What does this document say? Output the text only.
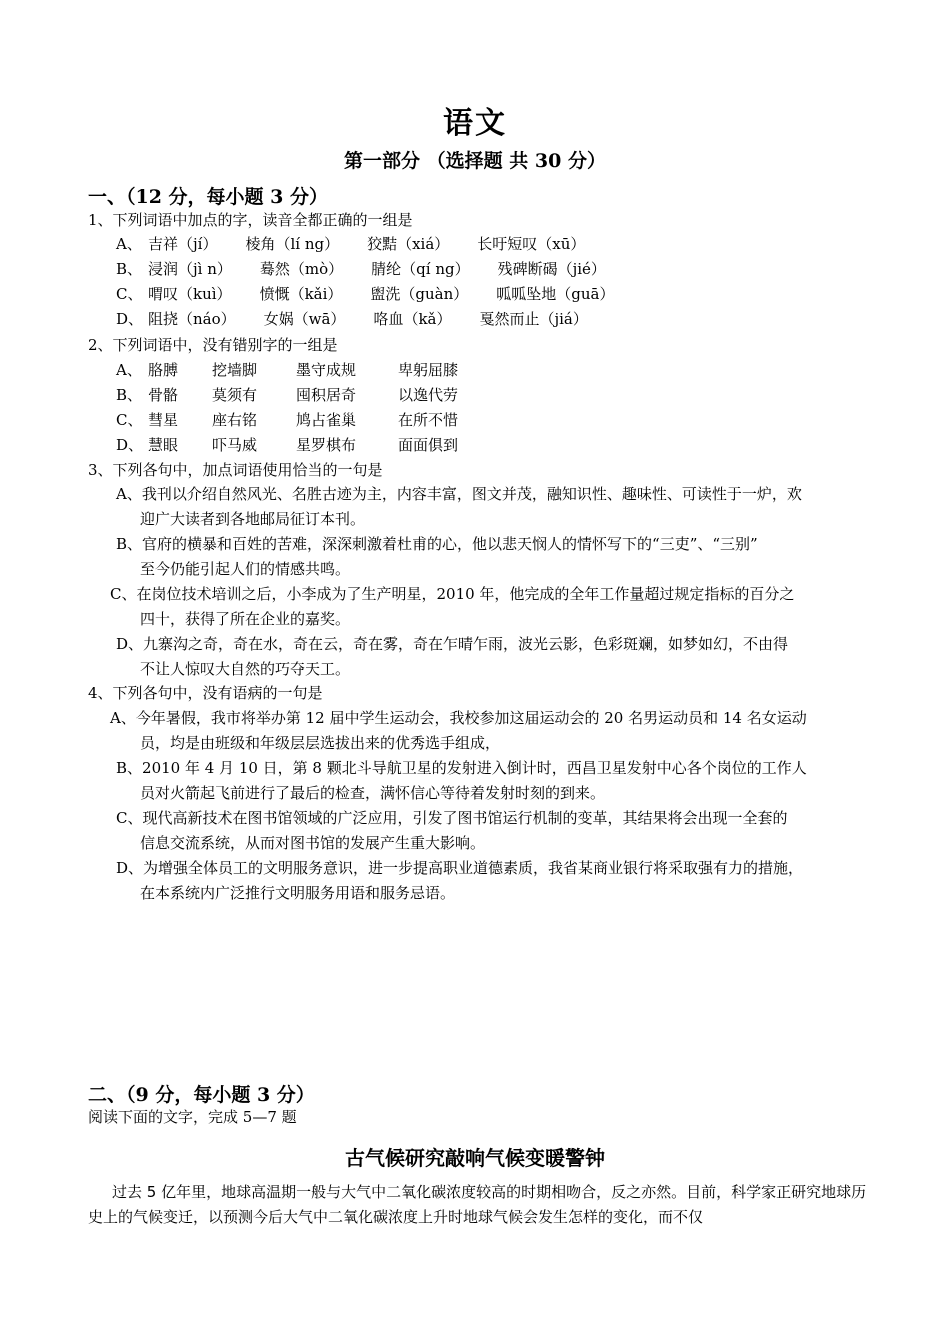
语文
第一部分 （选择题 共 30 分）
一、（12 分，每小题 3 分）
1、下列词语中加点的字，读音全都正确的一组是
A、 吉祥（jí） 棱角（lí ng） 狡黠（xiá） 长吁短叹（xū）
B、 浸润（jì n） 蓦然（mò） 腈纶（qí ng） 残碑断碣（jié）
C、 喟叹（kuì） 愤慨（kǎi） 盥洗（guàn） 呱呱坠地（guā）
D、 阻挠（náo） 女娲（wā） 咯血（kǎ） 戛然而止（jiá）
2、下列词语中，没有错别字的一组是
A、 胳膊 挖墙脚	墨守成规	卑躬屈膝
B、 骨骼 莫须有	囤积居奇	以逸代劳
C、 彗星 座右铭	鸠占雀巢	在所不惜
D、 慧眼 吓马威	星罗棋布	面面俱到
3、下列各句中，加点词语使用恰当的一句是
A、我刊以介绍自然风光、名胜古迹为主，内容丰富，图文并茂，融知识性、趣味性、可读性于一炉，欢
迎广大读者到各地邮局征订本刊。
B、官府的横暴和百姓的苦难，深深刺激着杜甫的心，他以悲天悯人的情怀写下的“三吏”、“三别”
至今仍能引起人们的情感共鸣。
C、在岗位技术培训之后，小李成为了生产明星，2010 年，他完成的全年工作量超过规定指标的百分之
四十，获得了所在企业的嘉奖。
D、九寨沟之奇，奇在水，奇在云，奇在雾，奇在乍晴乍雨，波光云影，色彩斑斓，如梦如幻，不由得
不让人惊叹大自然的巧夺天工。
4、下列各句中，没有语病的一句是
A、今年暑假，我市将举办第 12 届中学生运动会，我校参加这届运动会的 20 名男运动员和 14 名女运动
员，均是由班级和年级层层选拔出来的优秀选手组成，
B、2010 年 4 月 10 日，第 8 颗北斗导航卫星的发射进入倒计时，西昌卫星发射中心各个岗位的工作人
员对火箭起飞前进行了最后的检查，满怀信心等待着发射时刻的到来。
C、现代高新技术在图书馆领域的广泛应用，引发了图书馆运行机制的变革，其结果将会出现一全套的
信息交流系统，从而对图书馆的发展产生重大影响。
D、为增强全体员工的文明服务意识，进一步提高职业道德素质，我省某商业银行将采取强有力的措施，
在本系统内广泛推行文明服务用语和服务忌语。
二、（9 分，每小题 3 分）
阅读下面的文字，完成 5—7 题
古气候研究敲响气候变暖警钟
过去 5 亿年里，地球高温期一般与大气中二氧化碳浓度较高的时期相吻合，反之亦然。目前，科学家正研究地球历史上的气候变迁，以预测今后大气中二氧化碳浓度上升时地球气候会发生怎样的变化，而不仅
